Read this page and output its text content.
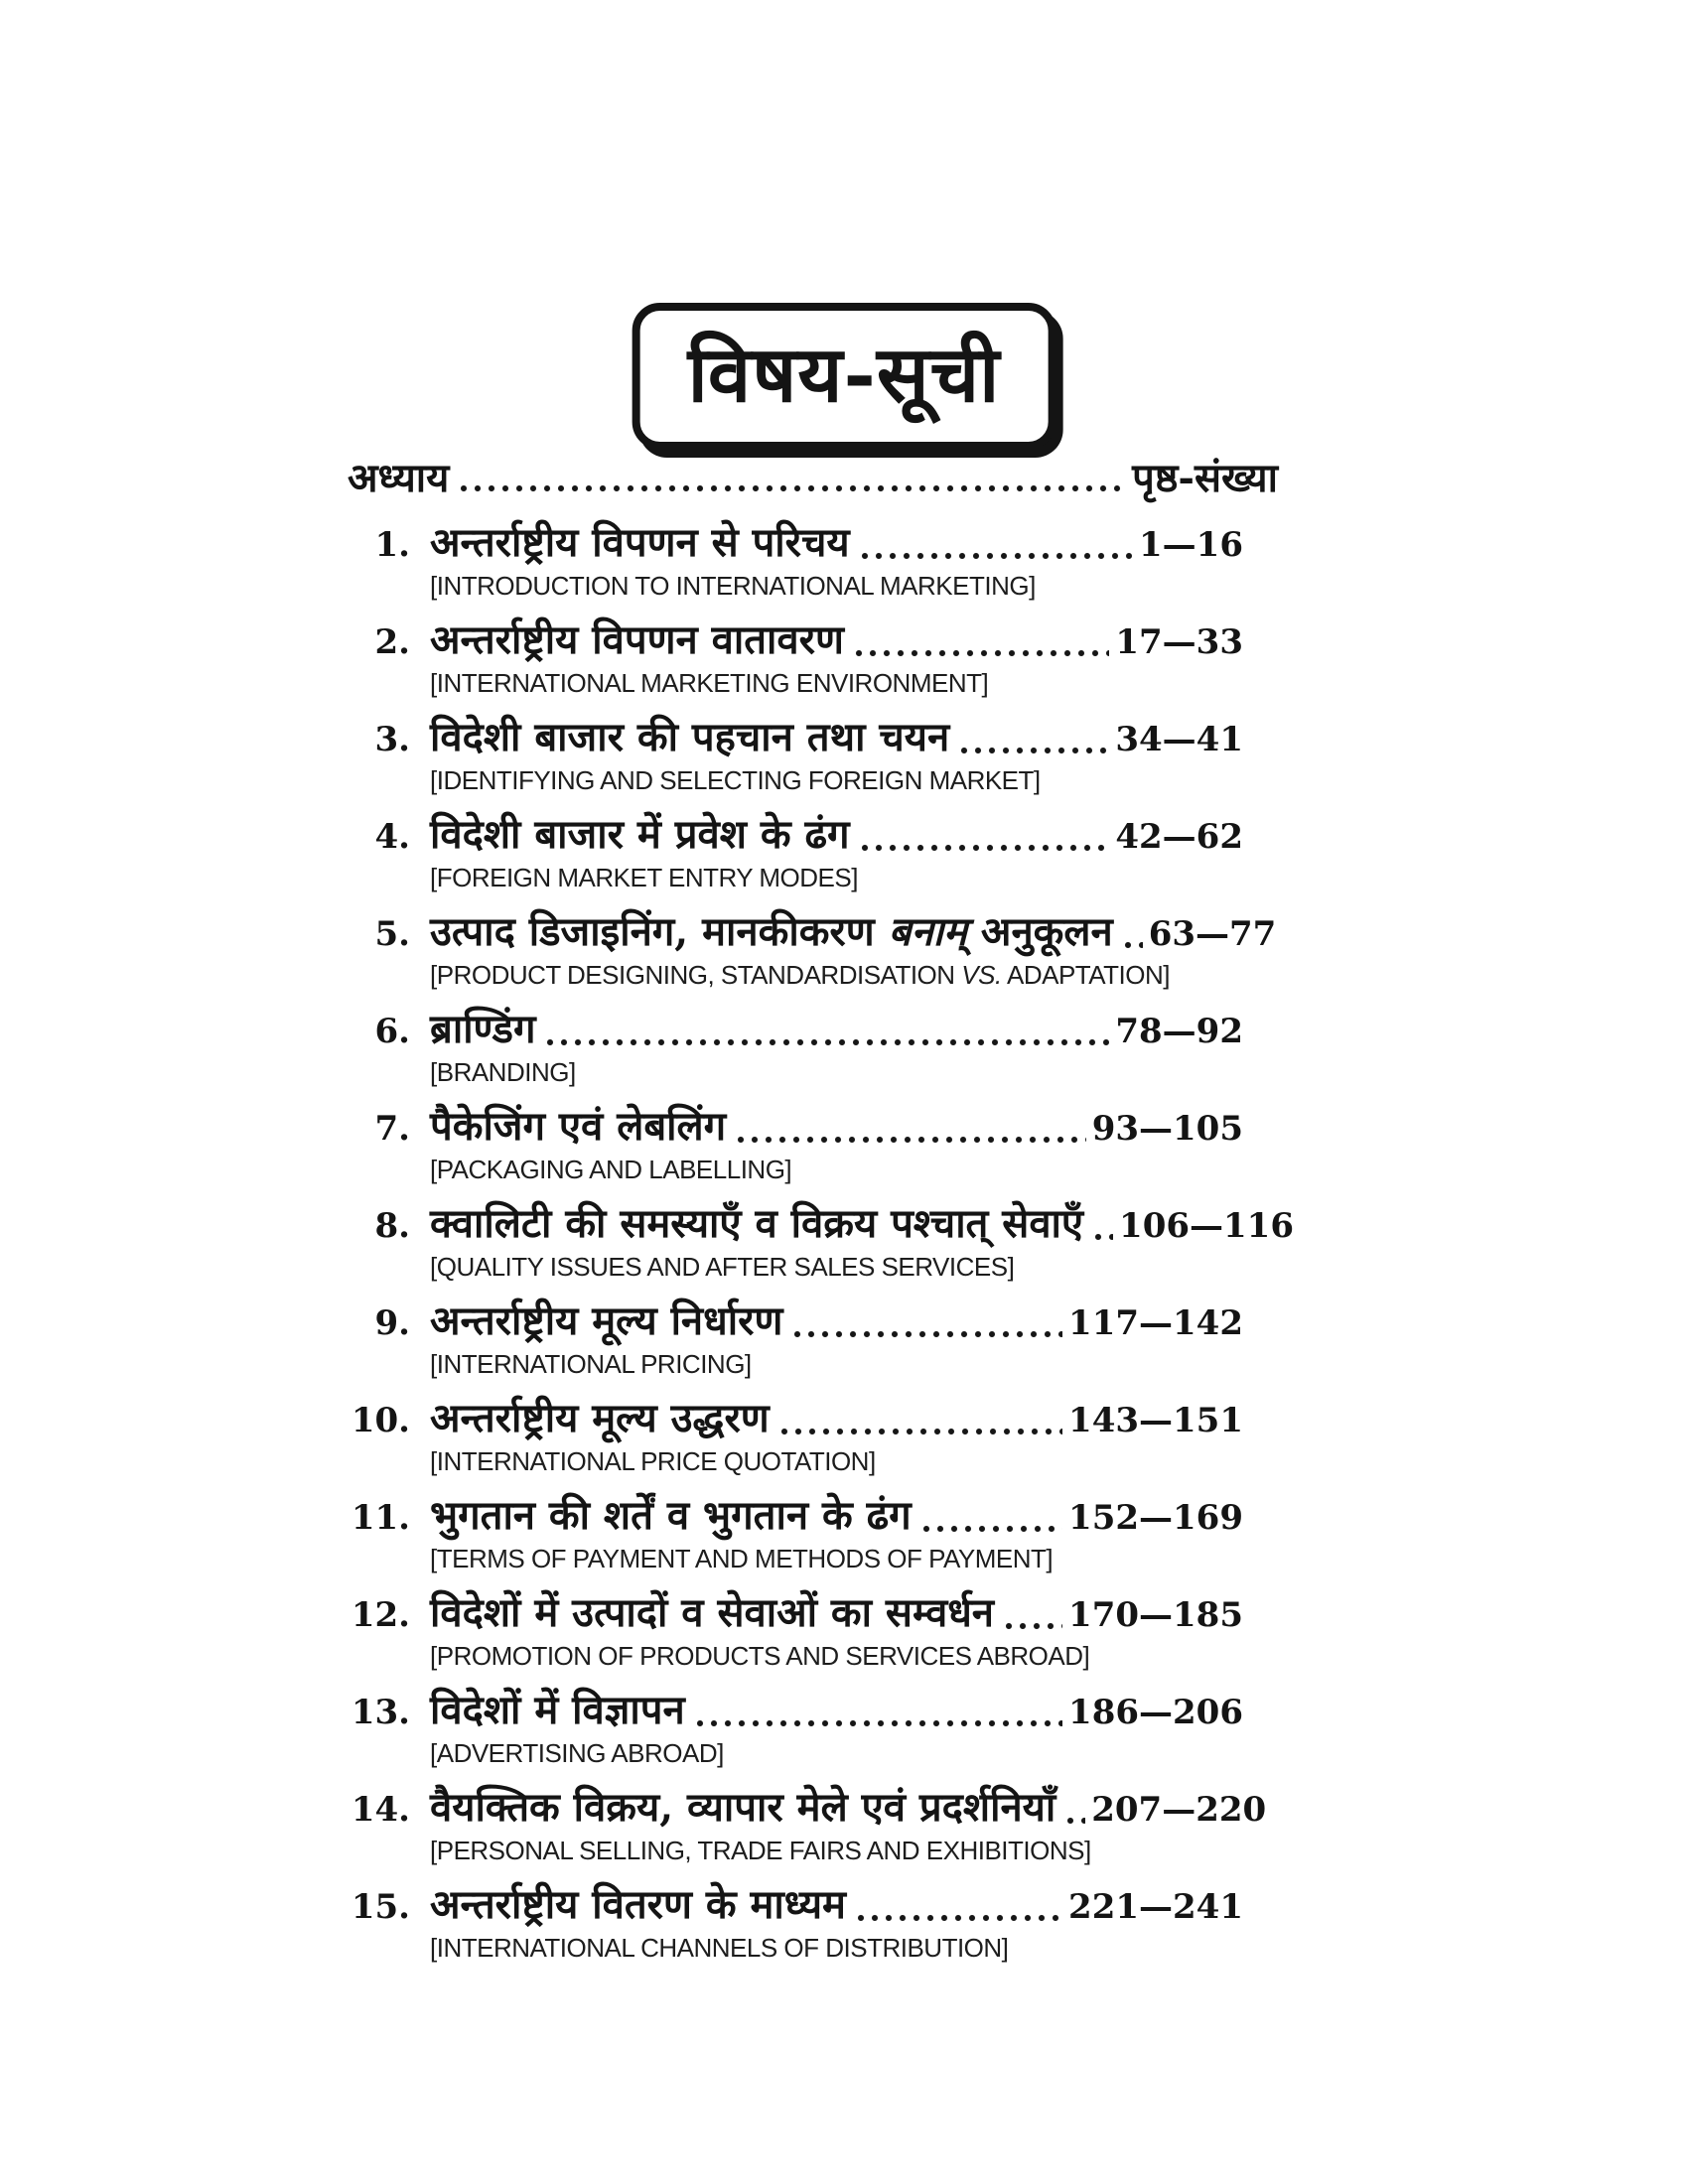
विषय-सूची
अध्याय	पृष्ठ-संख्या
1. अन्तर्राष्ट्रीय विपणन से परिचय	1—16
[INTRODUCTION TO INTERNATIONAL MARKETING]
2. अन्तर्राष्ट्रीय विपणन वातावरण	17—33
[INTERNATIONAL MARKETING ENVIRONMENT]
3. विदेशी बाजार की पहचान तथा चयन	34—41
[IDENTIFYING AND SELECTING FOREIGN MARKET]
4. विदेशी बाजार में प्रवेश के ढंग	42—62
[FOREIGN MARKET ENTRY MODES]
5. उत्पाद डिजाइनिंग, मानकीकरण बनाम् अनुकूलन 63—77
[PRODUCT DESIGNING, STANDARDISATION VS. ADAPTATION]
6. ब्राण्डिंग	78—92
[BRANDING]
7. पैकेजिंग एवं लेबलिंग	93—105
[PACKAGING AND LABELLING]
8. क्वालिटी की समस्याएँ व विक्रय पश्चात् सेवाएँ 106—116
[QUALITY ISSUES AND AFTER SALES SERVICES]
9. अन्तर्राष्ट्रीय मूल्य निर्धारण	117—142
[INTERNATIONAL PRICING]
10. अन्तर्राष्ट्रीय मूल्य उद्धरण	143—151
[INTERNATIONAL PRICE QUOTATION]
11. भुगतान की शर्तें व भुगतान के ढंग	152—169
[TERMS OF PAYMENT AND METHODS OF PAYMENT]
12. विदेशों में उत्पादों व सेवाओं का सम्वर्धन 170—185
[PROMOTION OF PRODUCTS AND SERVICES ABROAD]
13. विदेशों में विज्ञापन	186—206
[ADVERTISING ABROAD]
14. वैयक्तिक विक्रय, व्यापार मेले एवं प्रदर्शनियाँ 207—220
[PERSONAL SELLING, TRADE FAIRS AND EXHIBITIONS]
15. अन्तर्राष्ट्रीय वितरण के माध्यम	221—241
[INTERNATIONAL CHANNELS OF DISTRIBUTION]
